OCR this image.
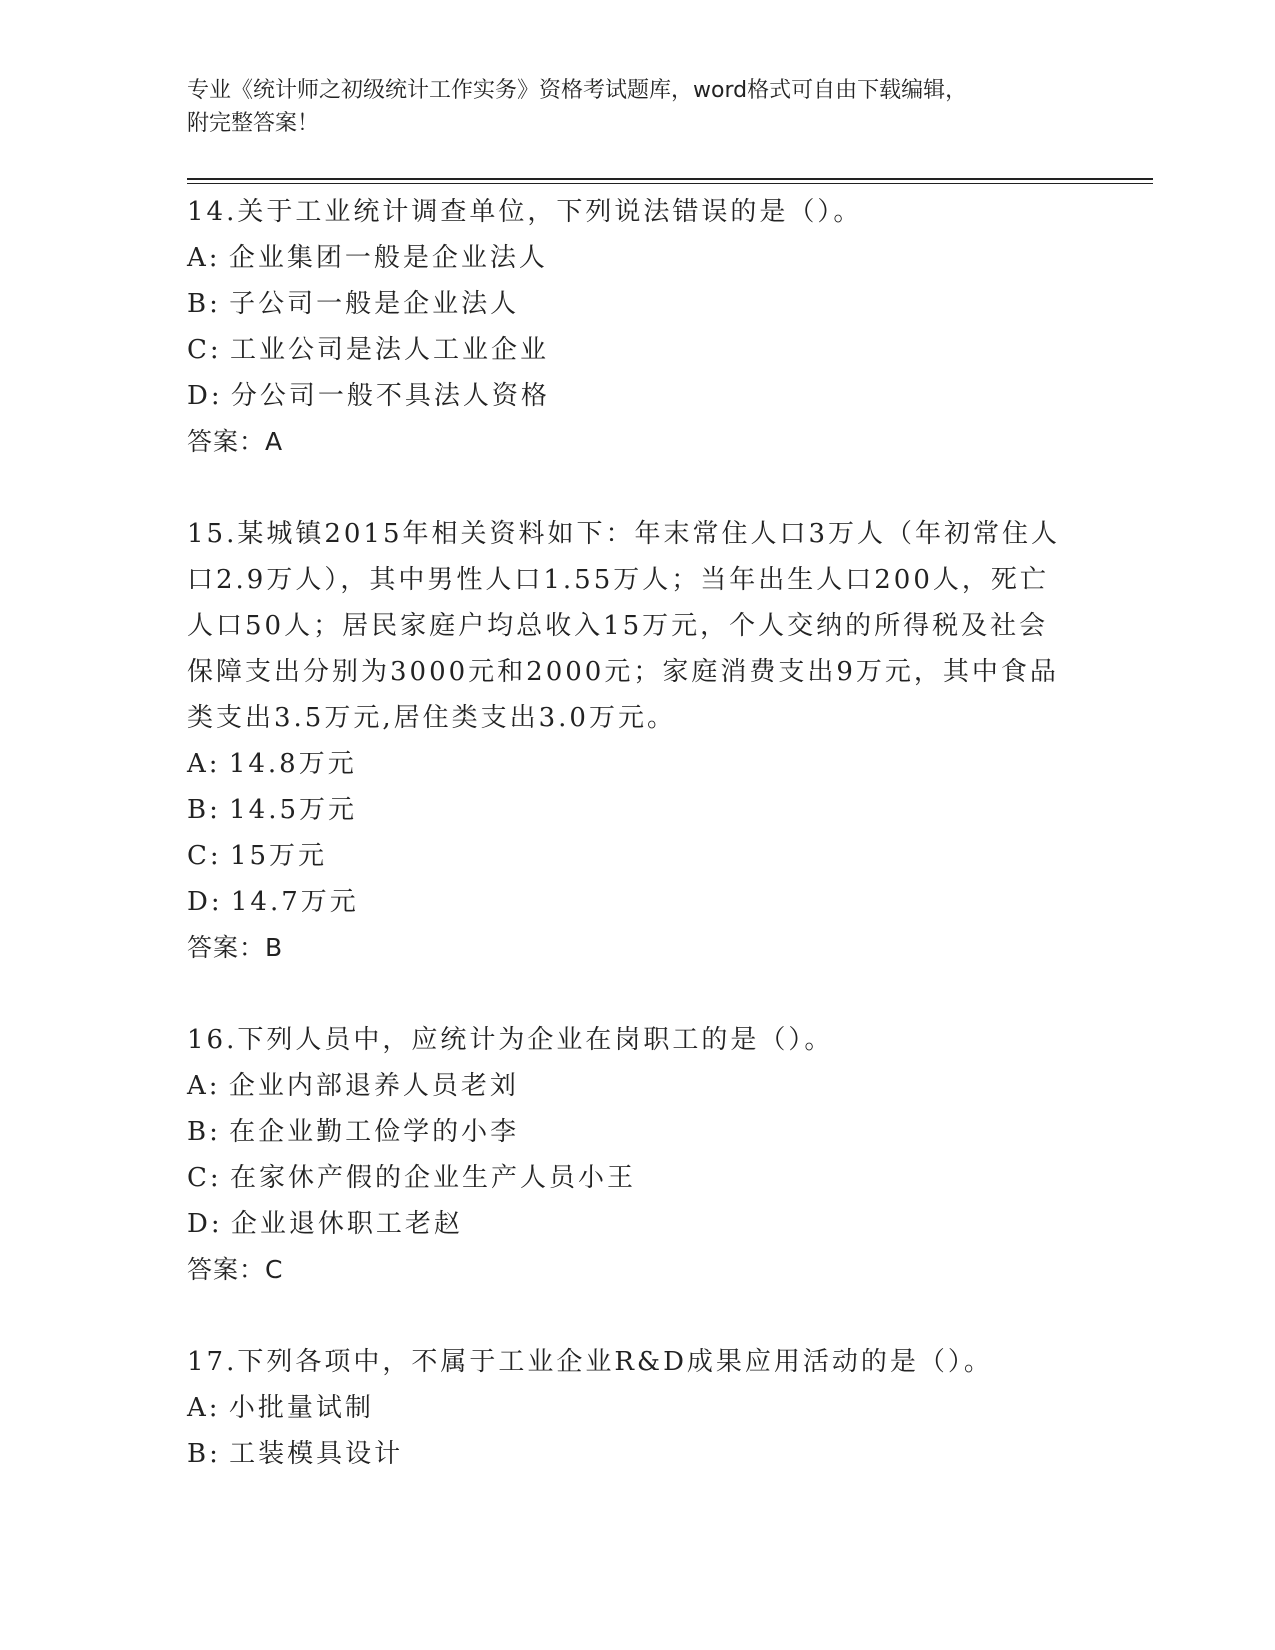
专业《统计师之初级统计工作实务》资格考试题库，word格式可自由下载编辑，
附完整答案！

14.关于工业统计调查单位，下列说法错误的是（）。

A: 企业集团一般是企业法人

B: 子公司一般是企业法人

C: 工业公司是法人工业企业

D: 分公司一般不具法人资格

答案：A

15.某城镇2015年相关资料如下：年末常住人口3万人（年初常住人

口2.9万人），其中男性人口1.55万人；当年出生人口200人，死亡

人口50人；居民家庭户均总收入15万元，个人交纳的所得税及社会

保障支出分别为3000元和2000元；家庭消费支出9万元，其中食品

类支出3.5万元,居住类支出3.0万元。

A: 14.8万元

B: 14.5万元

C: 15万元

D: 14.7万元

答案：B

16.下列人员中，应统计为企业在岗职工的是（）。

A: 企业内部退养人员老刘

B: 在企业勤工俭学的小李

C: 在家休产假的企业生产人员小王

D: 企业退休职工老赵

答案：C

17.下列各项中，不属于工业企业R&D成果应用活动的是（）。

A: 小批量试制

B: 工装模具设计
